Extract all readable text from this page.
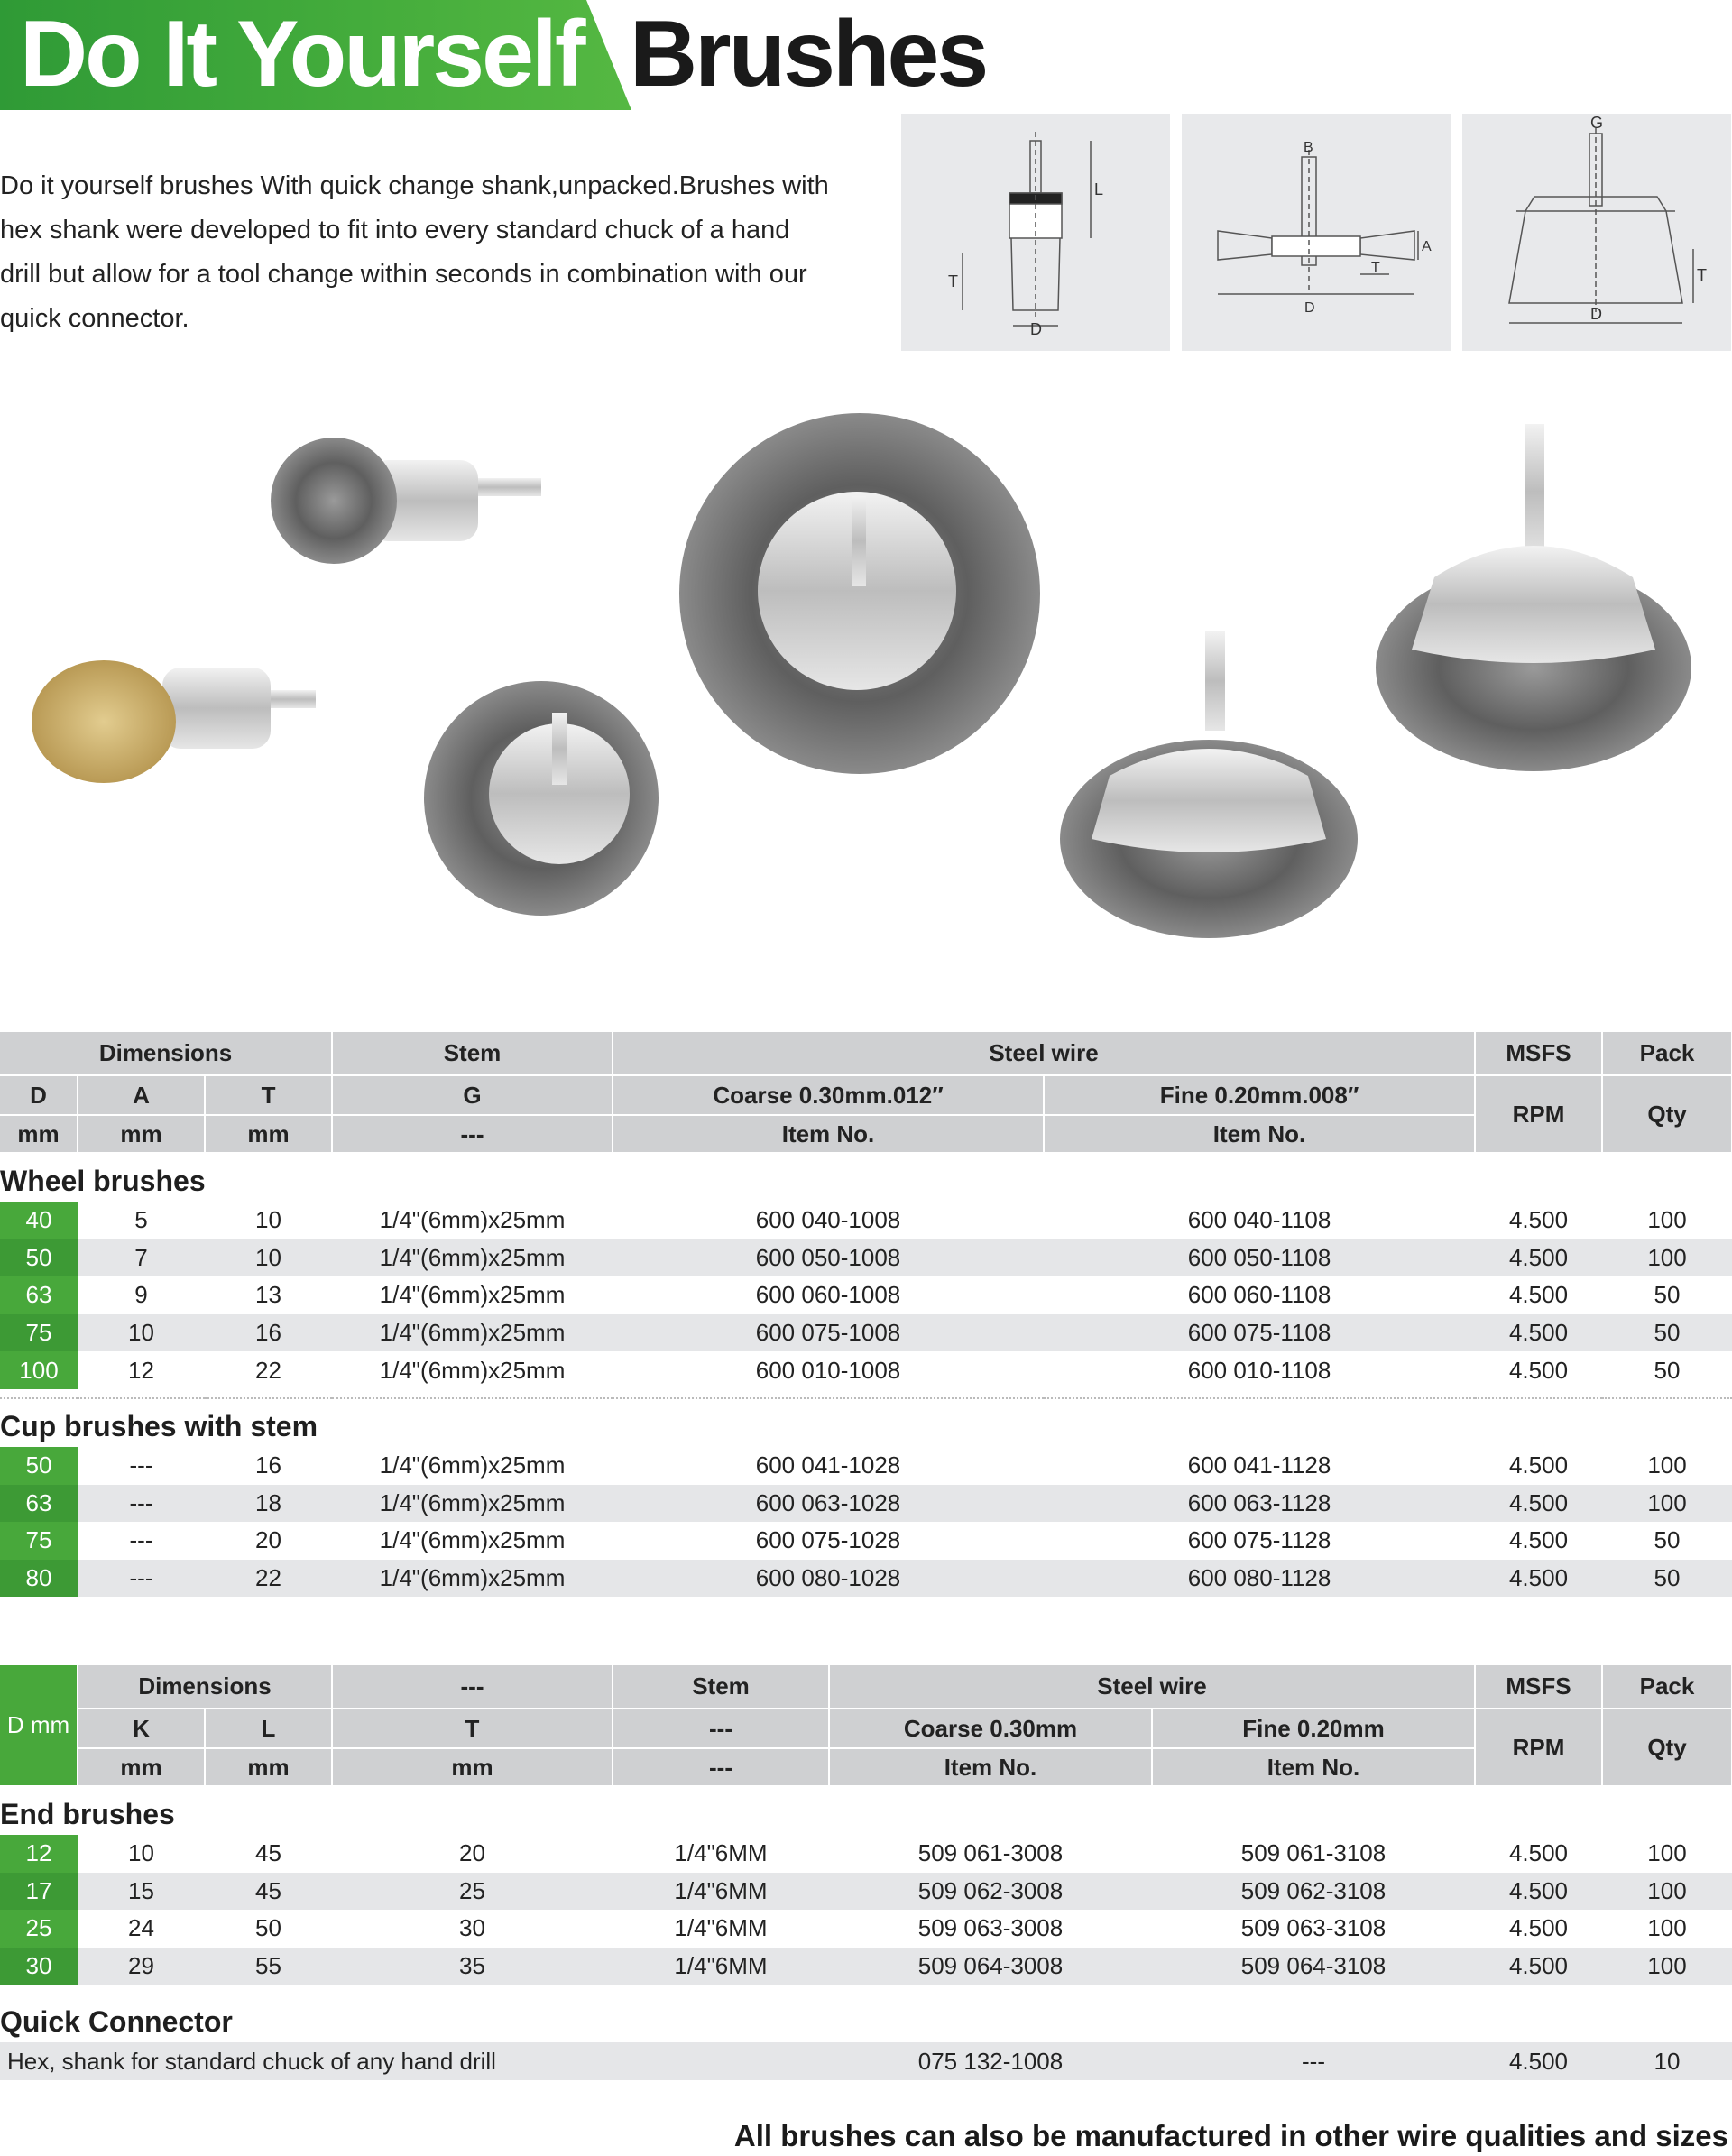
Do It Yourself Brushes

Do it yourself brushes With quick change shank,unpacked.Brushes with hex shank were developed to fit into every standard chuck of a hand drill but allow for a tool change within seconds in combination with our quick connector.

L
T
D
B
A
T
D
G
T
D
Dimensions			Stem	Steel wire		MSFS	Pack
D	A	T	G	Coarse 0.30mm.012″	Fine 0.20mm.008″	RPM	Qty
mm	mm	mm	---	Item No.	Item No.		
Wheel brushes							
40	5	10	1/4"(6mm)x25mm	600 040-1008	600 040-1108	4.500	100
50	7	10	1/4"(6mm)x25mm	600 050-1008	600 050-1108	4.500	100
63	9	13	1/4"(6mm)x25mm	600 060-1008	600 060-1108	4.500	50
75	10	16	1/4"(6mm)x25mm	600 075-1008	600 075-1108	4.500	50
100	12	22	1/4"(6mm)x25mm	600 010-1008	600 010-1108	4.500	50

Cup brushes with stem							
50	---	16	1/4"(6mm)x25mm	600 041-1028	600 041-1128	4.500	100
63	---	18	1/4"(6mm)x25mm	600 063-1028	600 063-1128	4.500	100
75	---	20	1/4"(6mm)x25mm	600 075-1028	600 075-1128	4.500	50
80	---	22	1/4"(6mm)x25mm	600 080-1028	600 080-1128	4.500	50
D mm	Dimensions		---	Stem	Steel wire		MSFS	Pack
	K	L	T	---	Coarse 0.30mm	Fine 0.20mm	RPM	Qty
	mm	mm	mm	---	Item No.	Item No.		
End brushes								
12	10	45	20	1/4"6MM	509 061-3008	509 061-3108	4.500	100
17	15	45	25	1/4"6MM	509 062-3008	509 062-3108	4.500	100
25	24	50	30	1/4"6MM	509 063-3008	509 063-3108	4.500	100
30	29	55	35	1/4"6MM	509 064-3008	509 064-3108	4.500	100
Quick Connector								
Hex, shank for standard chuck of any hand drill					075 132-1008	---	4.500	10
All brushes can also be manufactured in other wire qualities and sizes
